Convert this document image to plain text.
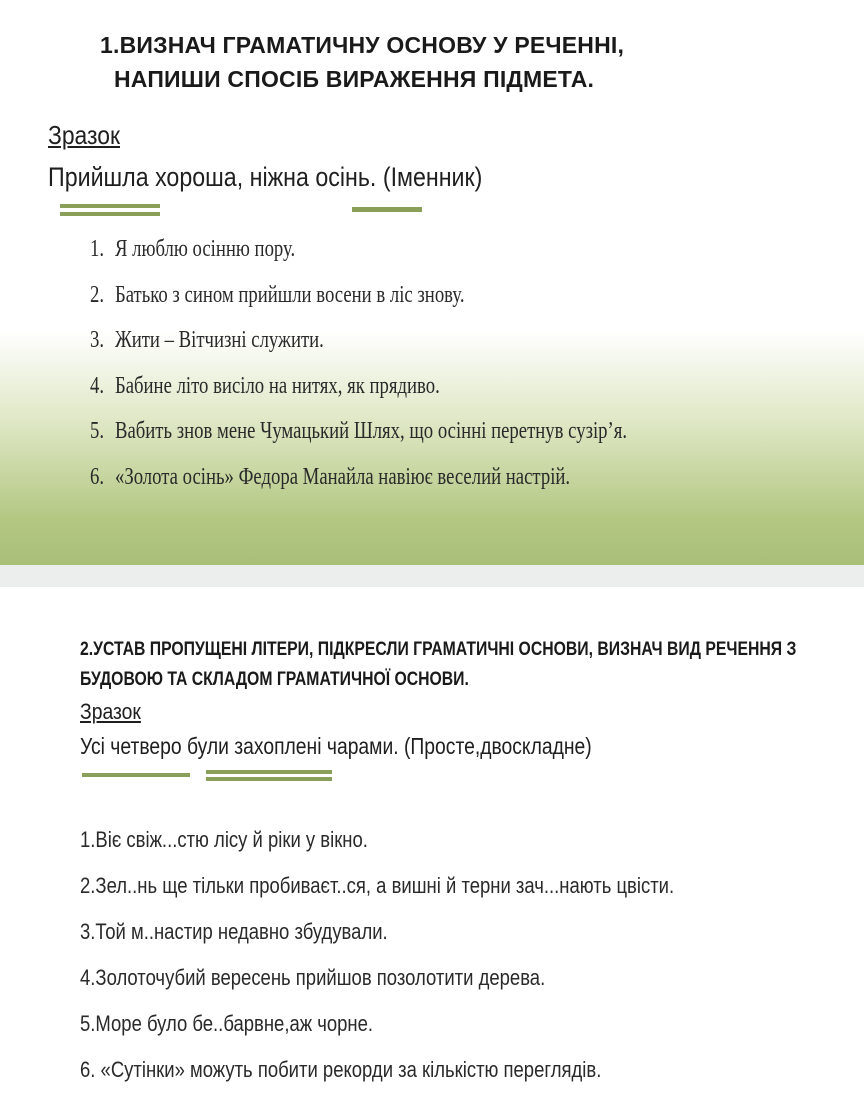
1.ВИЗНАЧ ГРАМАТИЧНУ ОСНОВУ У РЕЧЕННІ,
НАПИШИ СПОСІБ ВИРАЖЕННЯ ПІДМЕТА.
Зразок
Прийшла хороша, ніжна осінь. (Іменник)
1. Я люблю осінню пору.
2. Батько з сином прийшли восени в ліс знову.
3. Жити – Вітчизні служити.
4. Бабине літо висіло на нитях, як прядиво.
5. Вабить знов мене Чумацький Шлях, що осінні перетнув сузір’я.
6. «Золота осінь» Федора Манайла навіює веселий настрій.
2.УСТАВ ПРОПУЩЕНІ ЛІТЕРИ, ПІДКРЕСЛИ ГРАМАТИЧНІ ОСНОВИ, ВИЗНАЧ ВИД РЕЧЕННЯ З
БУДОВОЮ ТА СКЛАДОМ ГРАМАТИЧНОЇ ОСНОВИ.
Зразок
Усі четверо були захоплені чарами. (Просте,двоскладне)
1.Віє свіж...стю лісу й ріки у вікно.
2.Зел..нь ще тільки пробиваєт..ся, а вишні й терни зач...нають цвісти.
3.Той м..настир недавно збудували.
4.Золоточубий вересень прийшов позолотити дерева.
5.Море було бе..барвне,аж чорне.
6. «Сутінки» можуть побити рекорди за кількістю переглядів.
